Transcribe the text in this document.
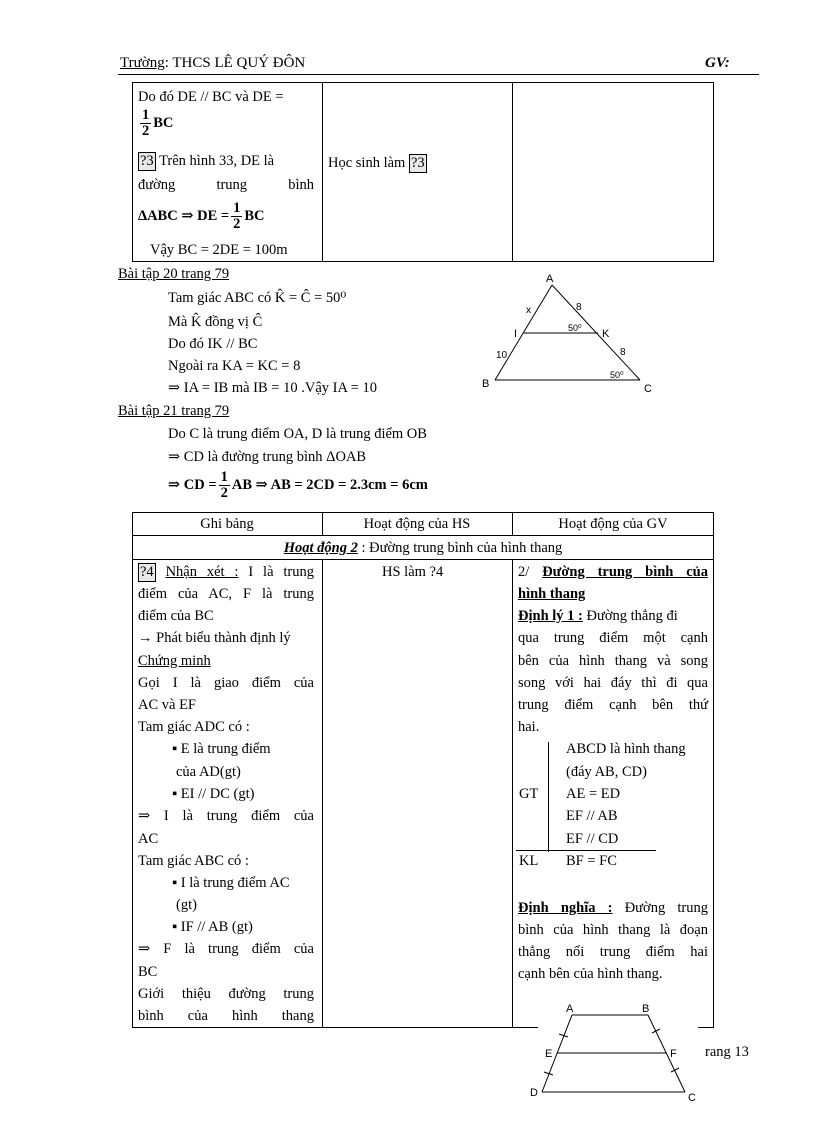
Trường: THCS LÊ QUÝ ĐÔN	GV:
Do đó DE // BC và DE =
$\frac{1}{2}$ BC
?3 Trên hình 33, DE là
đường trung bình
ΔABC ⇒ DE = $\frac{1}{2}$ BC
Vậy BC = 2DE = 100m
Học sinh làm ?3
Bài tập 20 trang 79
Tam giác ABC có K̂ = Ĉ = 50⁰
Mà K̂ đồng vị Ĉ
Do đó IK // BC
Ngoài ra KA = KC = 8
⇒ IA = IB mà IB = 10 .Vậy IA = 10
A
B	C
I	K
x	8
8
10
50⁰
50⁰
Bài tập 21 trang 79
Do C là trung điểm OA, D là trung điểm OB
⇒ CD là đường trung bình ΔOAB
⇒ CD = $\frac{1}{2}$ AB ⇒ AB = 2CD = 2.3cm = 6cm
Ghi bảng	Hoạt động của HS	Hoạt động của GV
Hoạt động 2 : Đường trung bình của hình thang
?4 Nhận xét : I là trung
điểm của AC, F là trung
điểm của BC
→ Phát biểu thành định lý
Chứng minh
Gọi I là giao điểm của
AC và EF
Tam giác ADC có :
▪ E là trung điểm
của AD(gt)
▪ EI // DC (gt)
⇒ I là trung điểm của
AC
Tam giác ABC có :
▪ I là trung điểm AC
(gt)
▪ IF // AB (gt)
⇒ F là trung điểm của
BC
Giới thiệu đường trung
bình của hình thang
HS làm ?4	2/ Đường trung bình của
hình thang
Định lý 1 : Đường thẳng đi
qua trung điểm một cạnh
bên của hình thang và song
song với hai đáy thì đi qua
trung điểm cạnh bên thứ
hai.
GT
ABCD là hình thang
(đáy AB, CD)
AE = ED
EF // AB
EF // CD
KL BF = FC
Định nghĩa : Đường trung
bình của hình thang là đoạn
thẳng nối trung điểm hai
cạnh bên của hình thang.
rang 13
A	B
C
D
E	F
